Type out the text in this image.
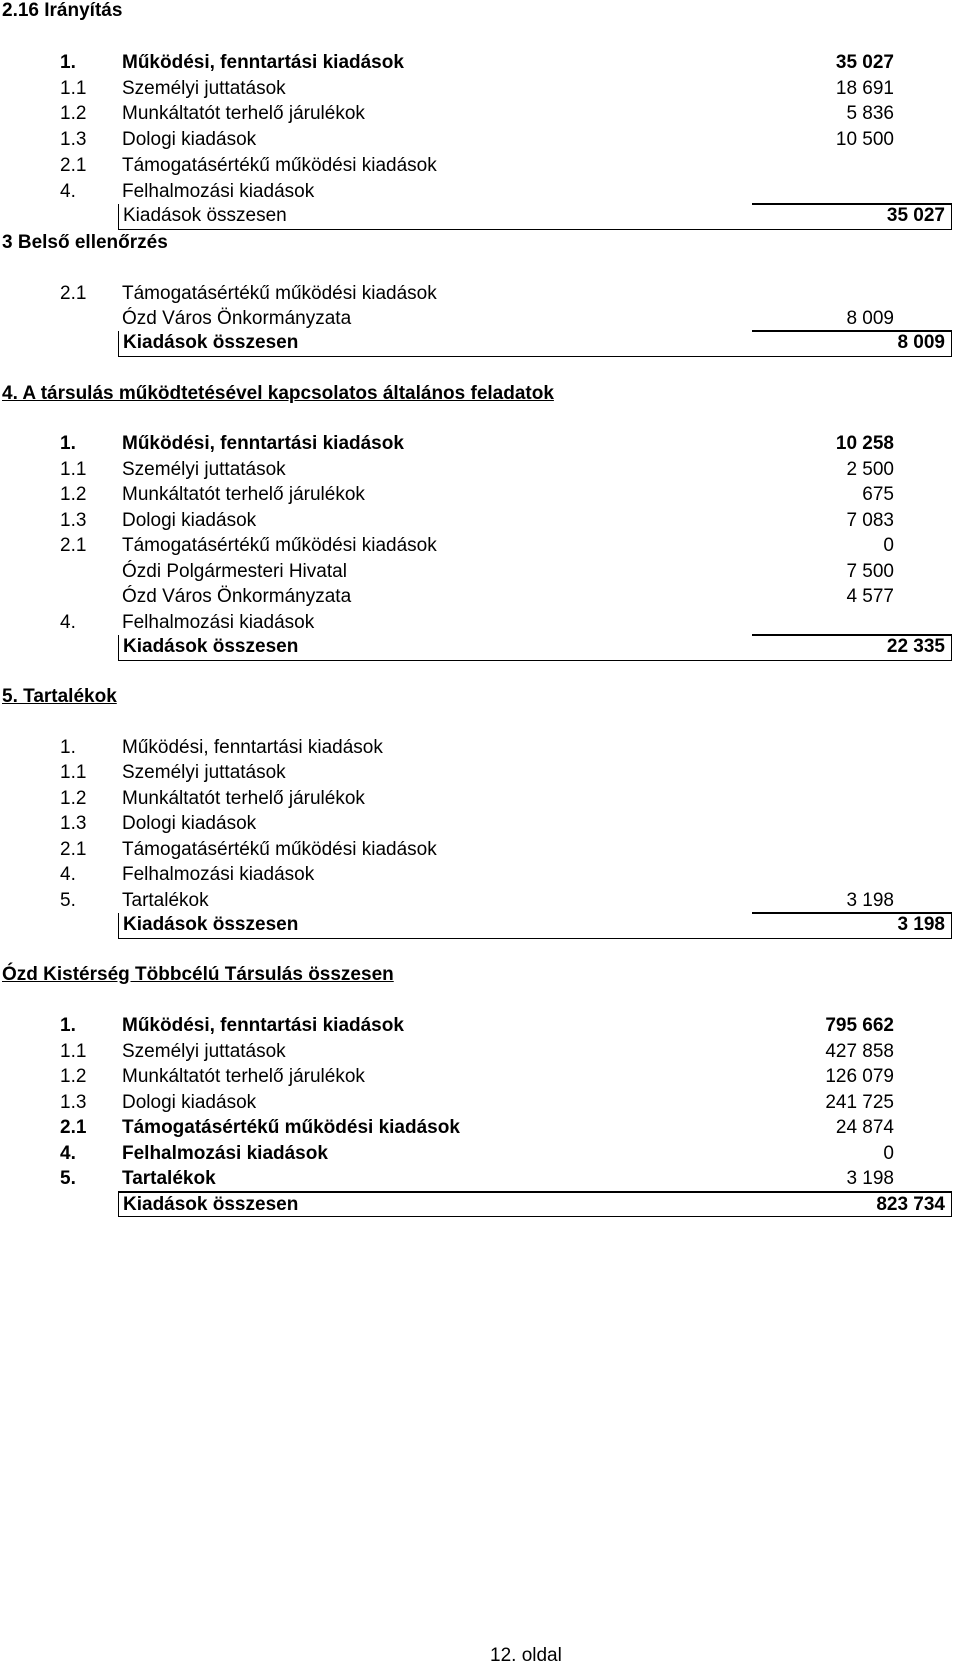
2.16 Irányítás
1.	Működési, fenntartási kiadások	35 027
1.1	Személyi juttatások	18 691
1.2	Munkáltatót terhelő járulékok	5 836
1.3	Dologi kiadások	10 500
2.1	Támogatásértékű működési kiadások
4.	Felhalmozási kiadások
Kiadások összesen	35 027
3 Belső ellenőrzés
2.1	Támogatásértékű működési kiadások
Ózd Város Önkormányzata	8 009
Kiadások összesen	8 009
4. A társulás működtetésével kapcsolatos általános feladatok
1.	Működési, fenntartási kiadások	10 258
1.1	Személyi juttatások	2 500
1.2	Munkáltatót terhelő járulékok	675
1.3	Dologi kiadások	7 083
2.1	Támogatásértékű működési kiadások	0
Ózdi Polgármesteri Hivatal	7 500
Ózd Város Önkormányzata	4 577
4.	Felhalmozási kiadások
Kiadások összesen	22 335
5. Tartalékok
1.	Működési, fenntartási kiadások
1.1	Személyi juttatások
1.2	Munkáltatót terhelő járulékok
1.3	Dologi kiadások
2.1	Támogatásértékű működési kiadások
4.	Felhalmozási kiadások
5.	Tartalékok	3 198
Kiadások összesen	3 198
Ózd Kistérség Többcélú Társulás összesen
1.	Működési, fenntartási kiadások	795 662
1.1	Személyi juttatások	427 858
1.2	Munkáltatót terhelő járulékok	126 079
1.3	Dologi kiadások	241 725
2.1	Támogatásértékű működési kiadások	24 874
4.	Felhalmozási kiadások	0
5.	Tartalékok	3 198
Kiadások összesen	823 734
12. oldal
